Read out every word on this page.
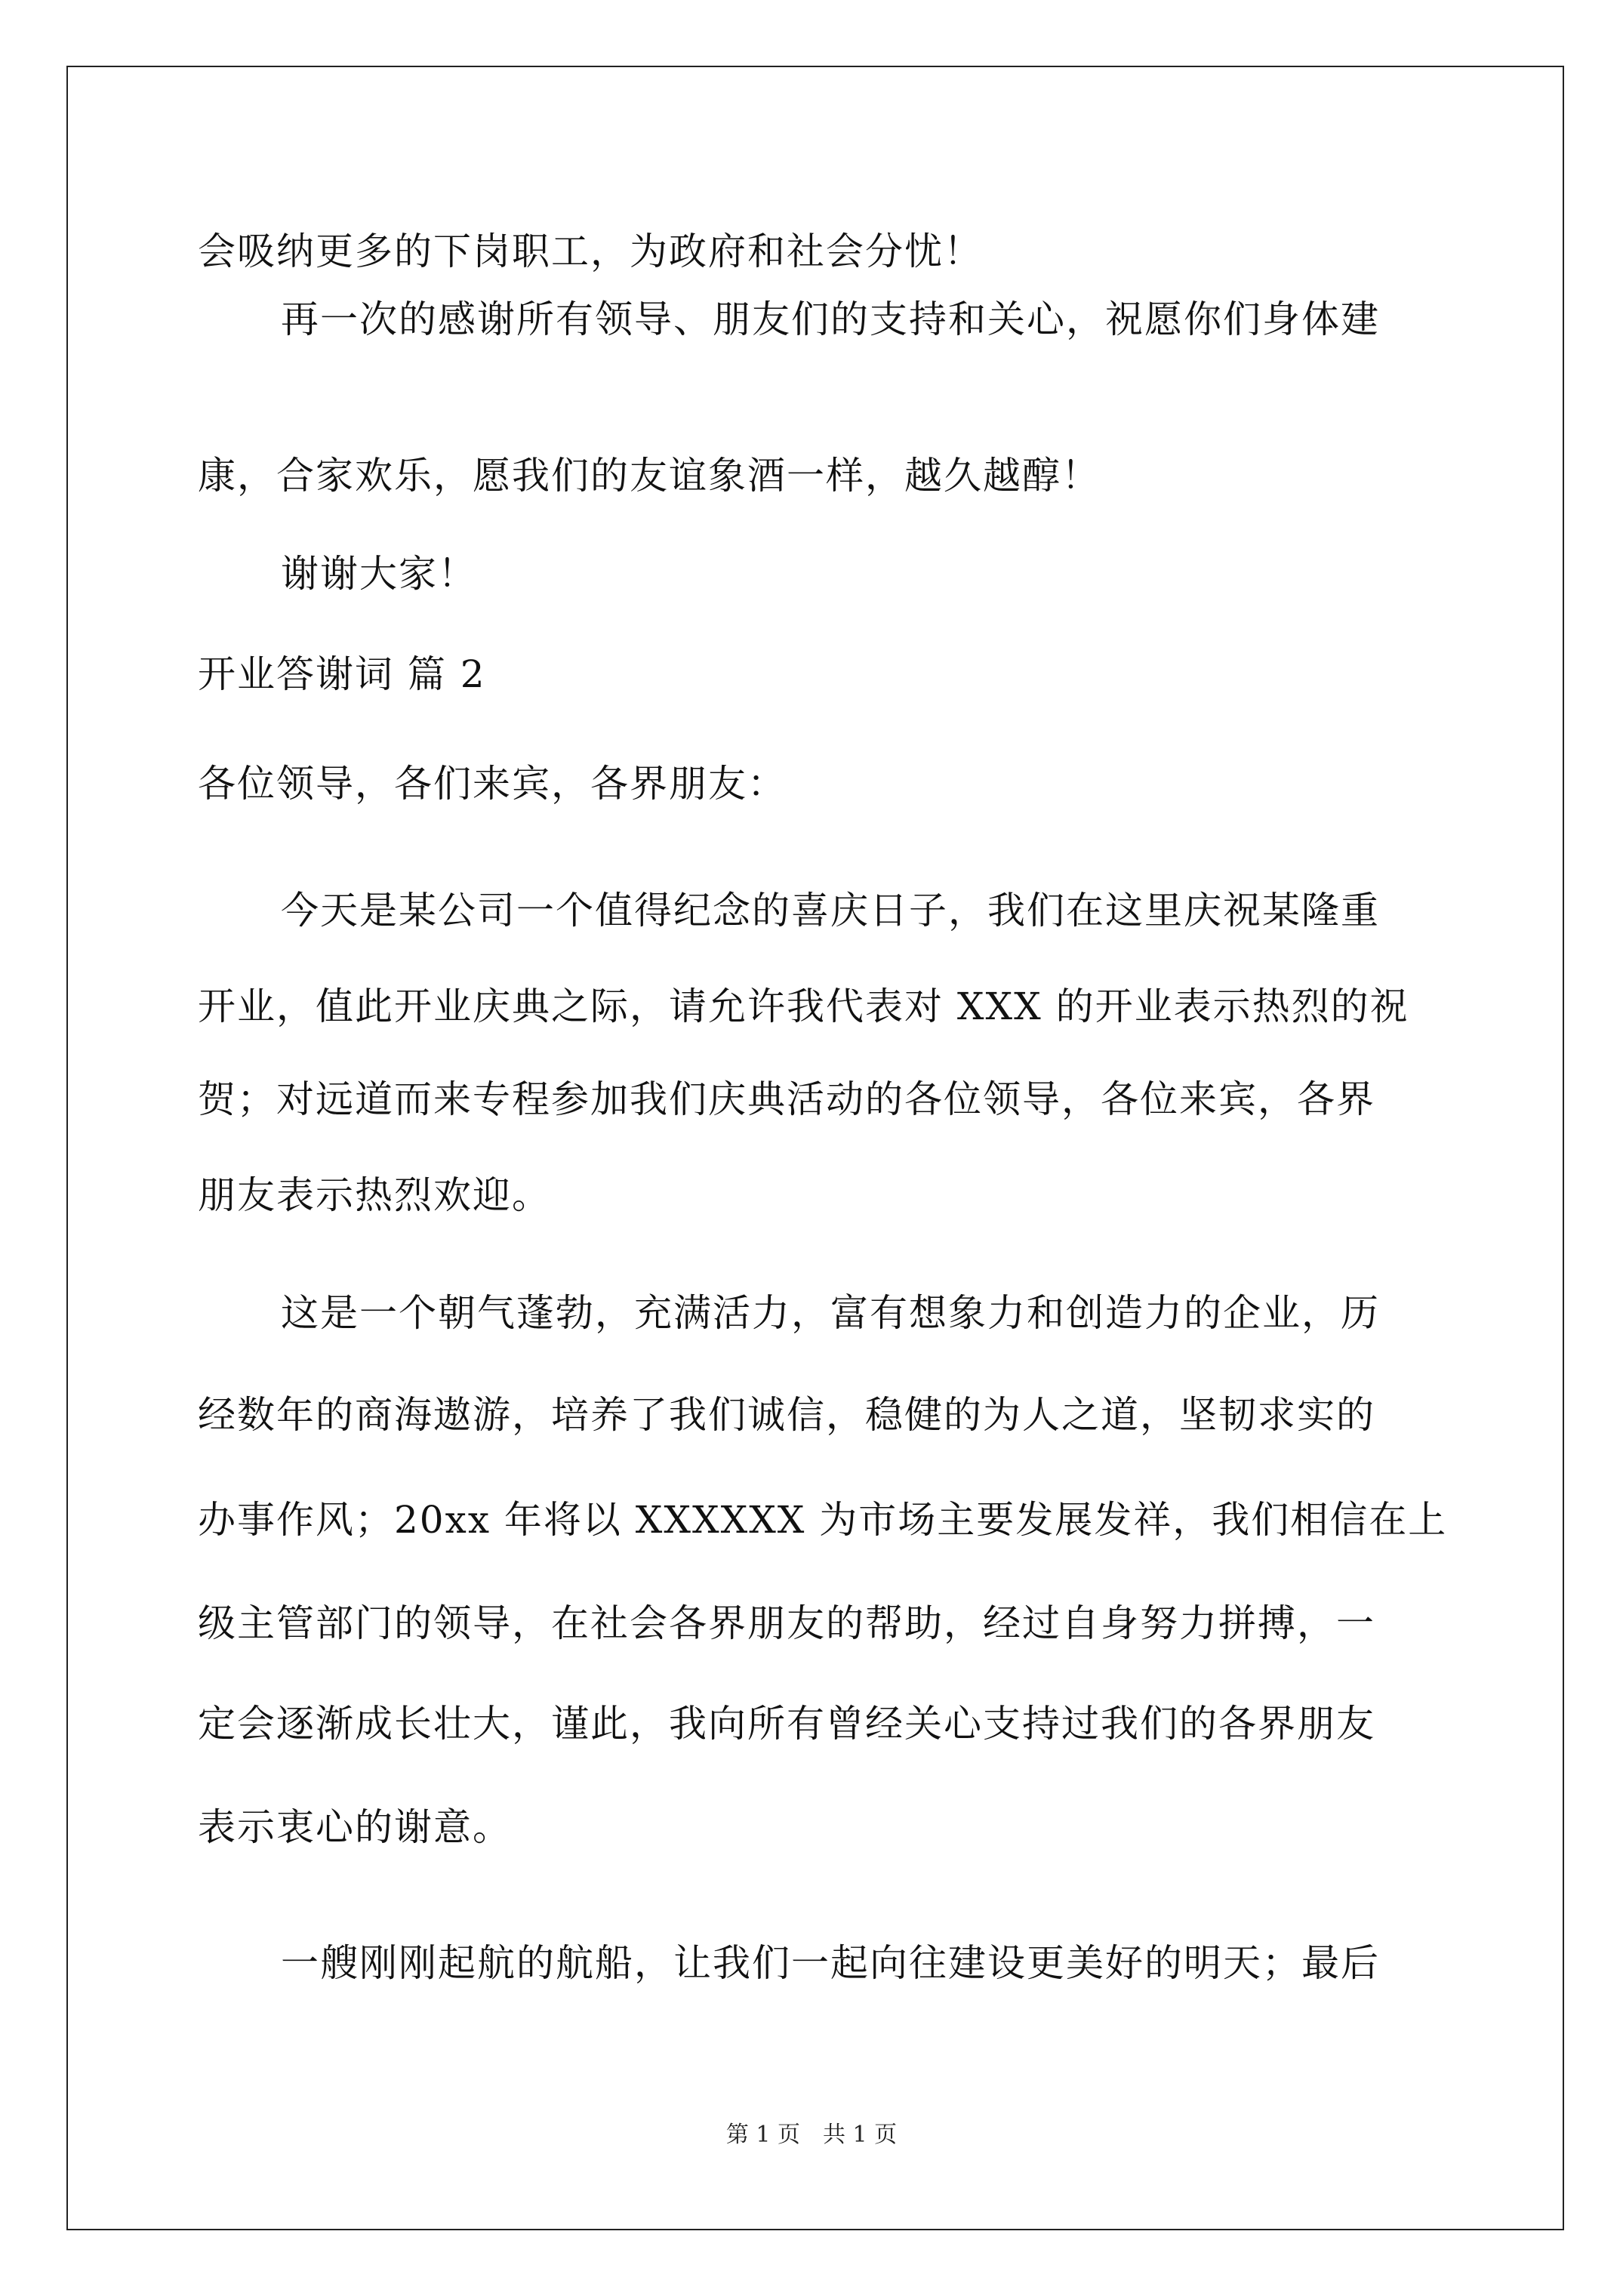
会吸纳更多的下岗职工，为政府和社会分忧！
再一次的感谢所有领导、朋友们的支持和关心，祝愿你们身体建
康，合家欢乐，愿我们的友谊象酒一样，越久越醇！
谢谢大家！
开业答谢词 篇 2
各位领导，各们来宾，各界朋友：
今天是某公司一个值得纪念的喜庆日子，我们在这里庆祝某隆重
开业，值此开业庆典之际，请允许我代表对 XXX 的开业表示热烈的祝
贺；对远道而来专程参加我们庆典活动的各位领导，各位来宾，各界
朋友表示热烈欢迎。
这是一个朝气蓬勃，充满活力，富有想象力和创造力的企业，历
经数年的商海遨游，培养了我们诚信，稳健的为人之道，坚韧求实的
办事作风；20xx 年将以 XXXXXX 为市场主要发展发祥，我们相信在上
级主管部门的领导，在社会各界朋友的帮助，经过自身努力拼搏，一
定会逐渐成长壮大，谨此，我向所有曾经关心支持过我们的各界朋友
表示衷心的谢意。
一艘刚刚起航的航船，让我们一起向往建设更美好的明天；最后
第 1 页　共 1 页
